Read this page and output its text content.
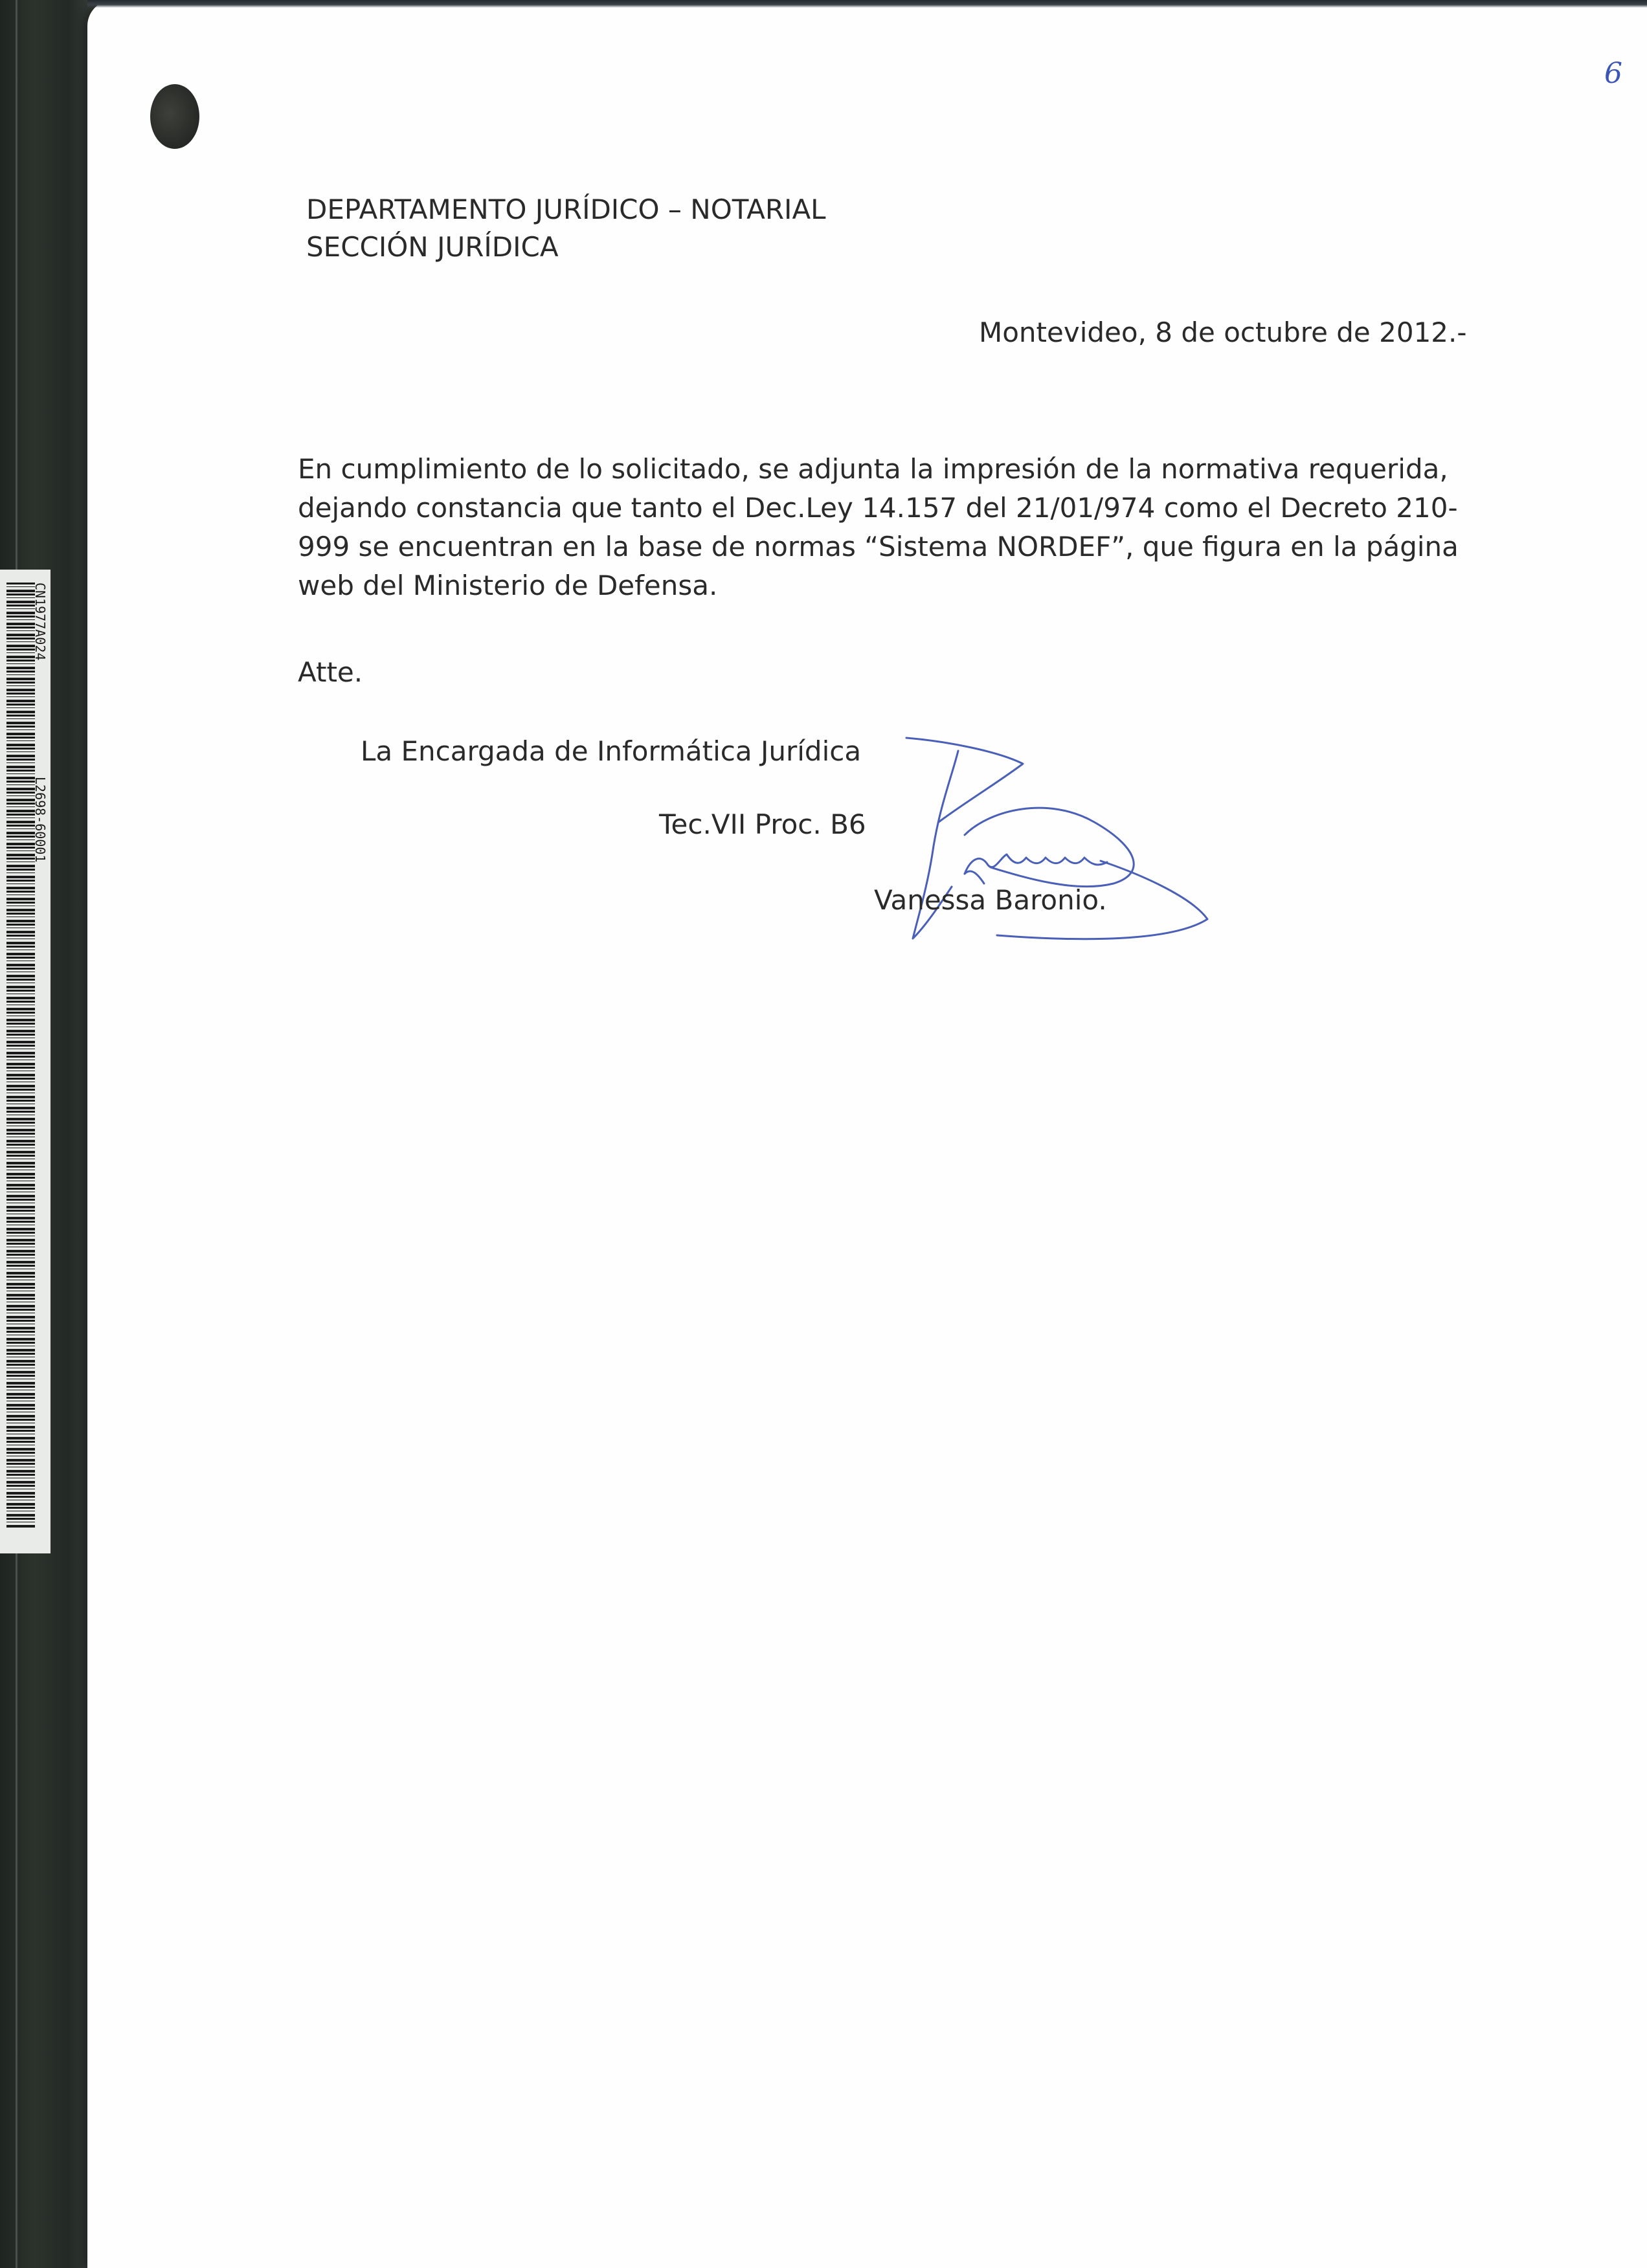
CN1977A024
L2698-60001
6
DEPARTAMENTO JURÍDICO – NOTARIAL
SECCIÓN JURÍDICA
Montevideo, 8 de octubre de 2012.-
En cumplimiento de lo solicitado, se adjunta la impresión de la normativa requerida,
dejando constancia que tanto el Dec.Ley 14.157 del 21/01/974 como el Decreto 210-
999 se encuentran en la base de normas “Sistema NORDEF”, que figura en la página
web del Ministerio de Defensa.
Atte.
La Encargada de Informática Jurídica
Tec.VII Proc. B6
Vanessa Baronio.
